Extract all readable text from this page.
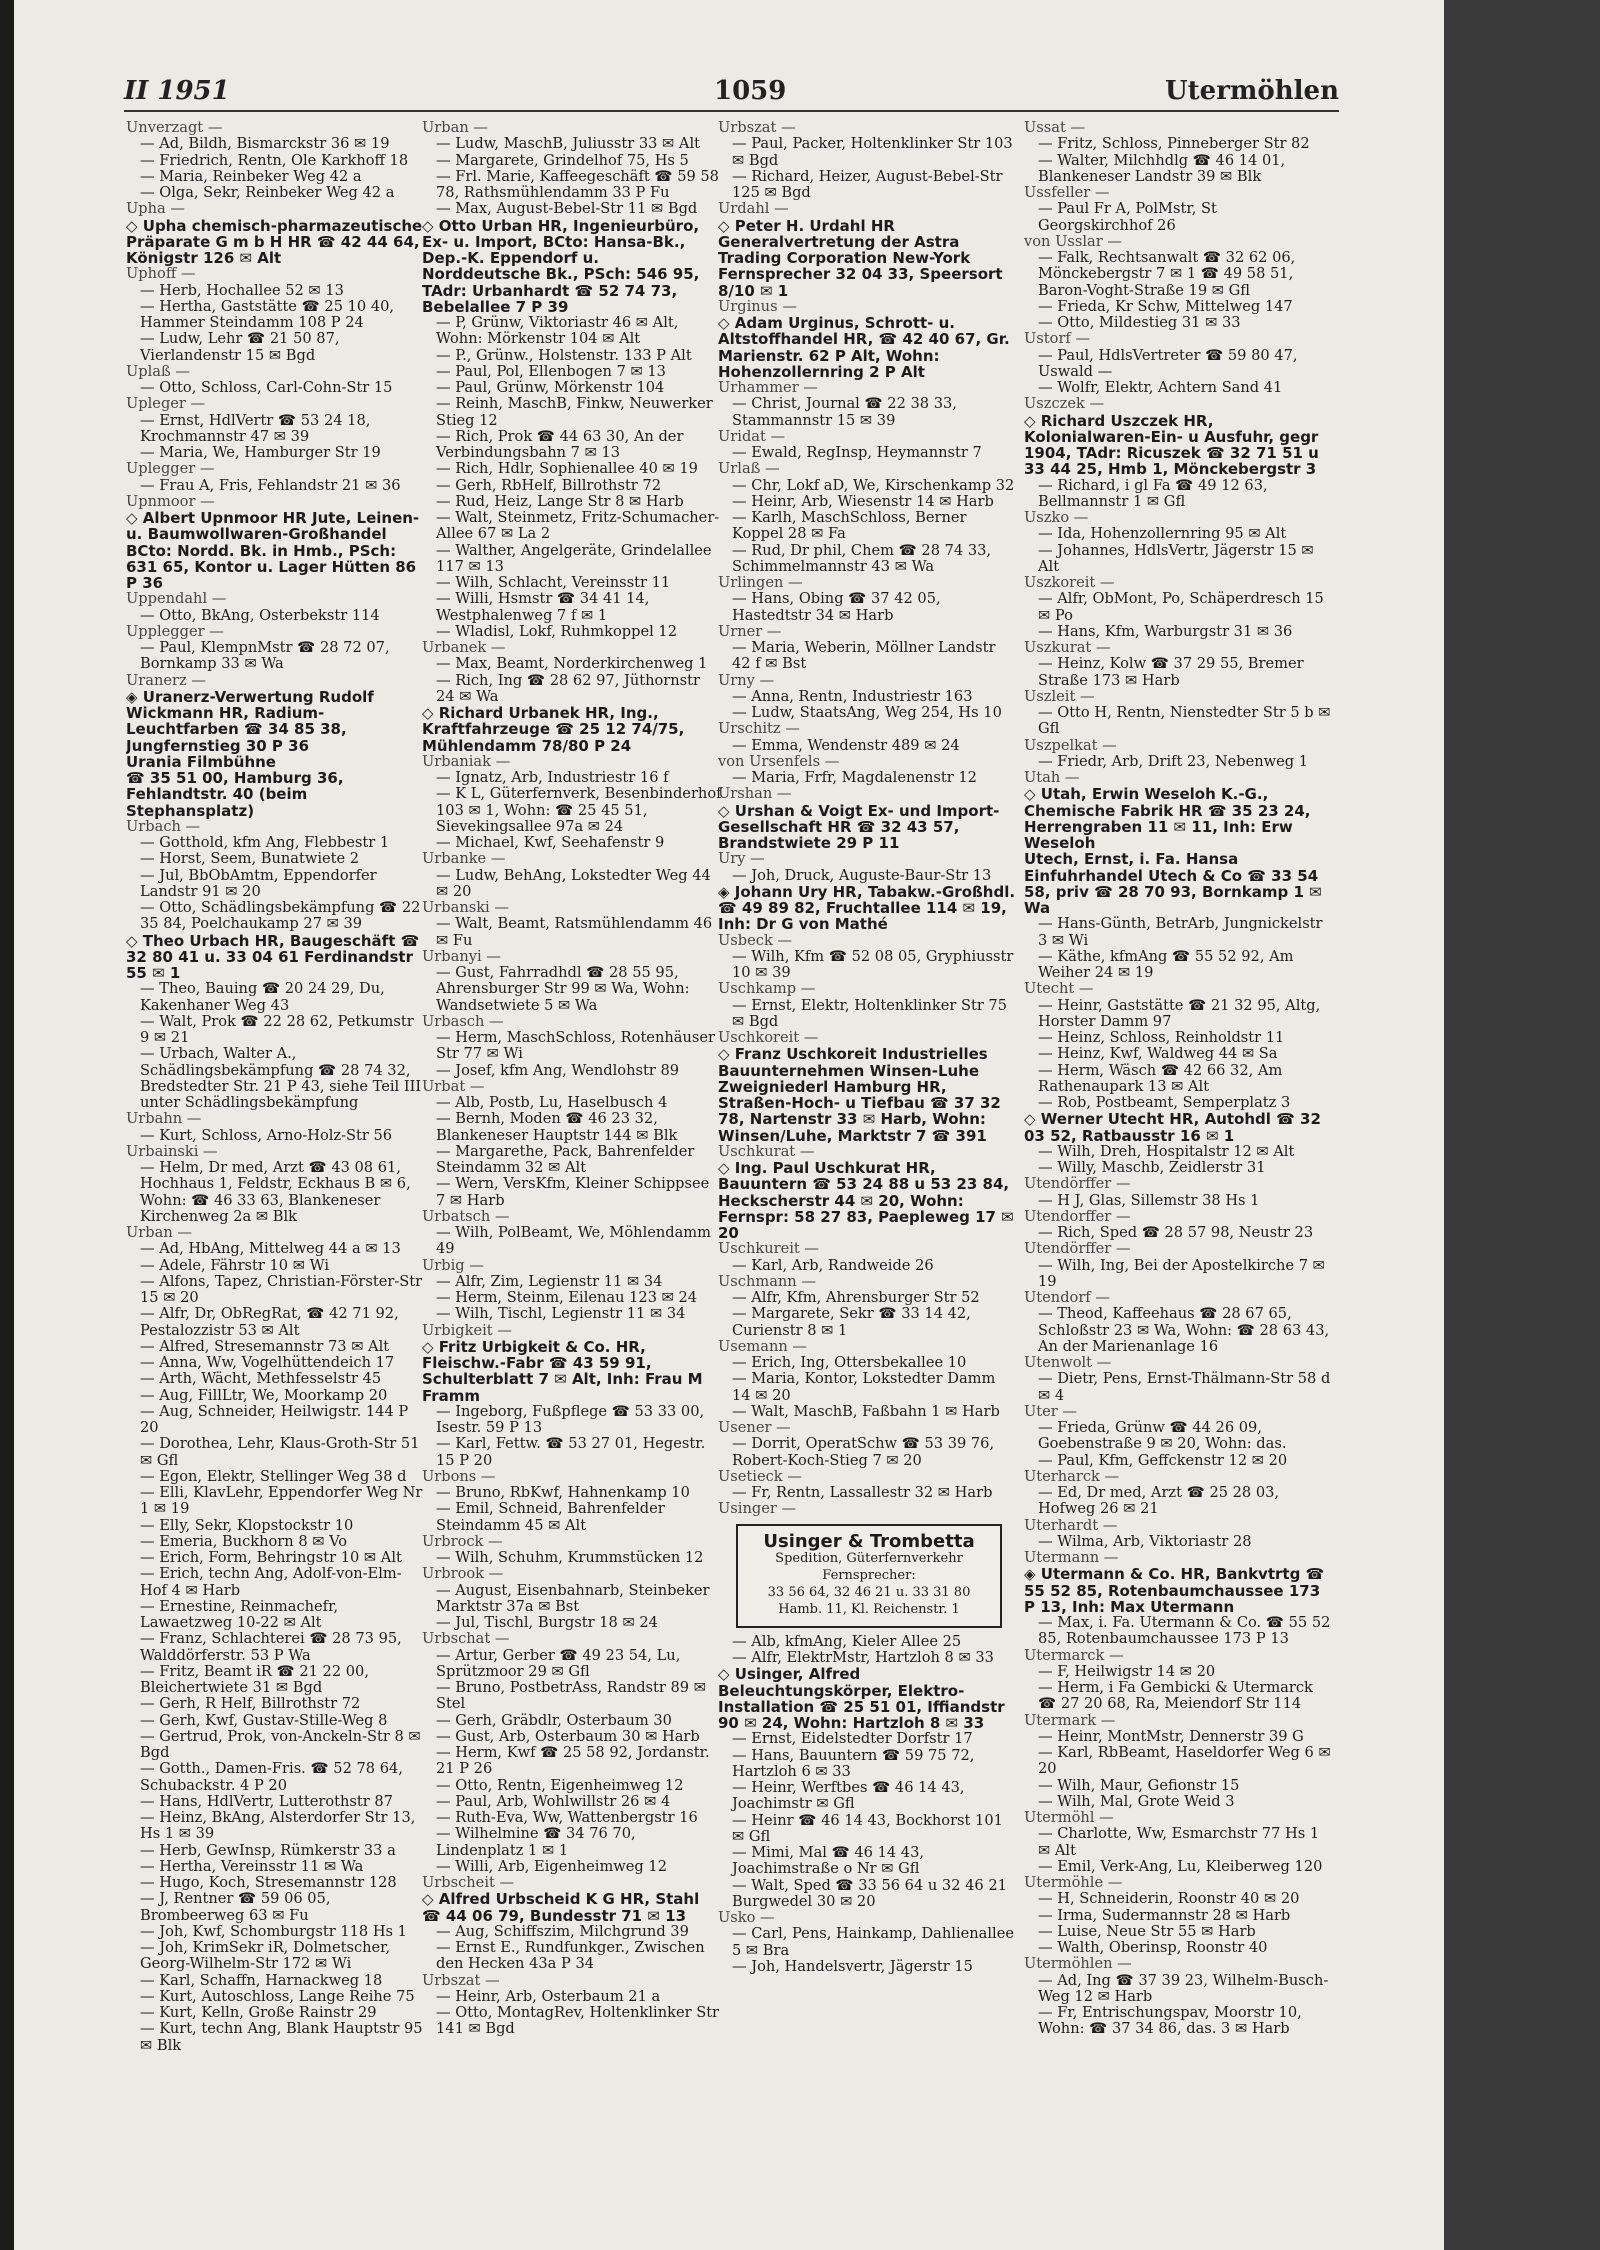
II 1951	1059	Utermöhlen

Unverzagt —

— Ad, Bildh, Bismarckstr 36 ✉ 19

— Friedrich, Rentn, Ole Karkhoff 18

— Maria, Reinbeker Weg 42 a

— Olga, Sekr, Reinbeker Weg 42 a

Upha —

◇ Upha chemisch-pharmazeutische Präparate G m b H HR ☎ 42 44 64, Königstr 126 ✉ Alt

Uphoff —

— Herb, Hochallee 52 ✉ 13

— Hertha, Gaststätte ☎ 25 10 40, Hammer Steindamm 108 P 24

— Ludw, Lehr ☎ 21 50 87, Vierlandenstr 15 ✉ Bgd

Uplaß —

— Otto, Schloss, Carl-Cohn-Str 15

Upleger —

— Ernst, HdlVertr ☎ 53 24 18, Krochmannstr 47 ✉ 39

— Maria, We, Hamburger Str 19

Uplegger —

— Frau A, Fris, Fehlandstr 21 ✉ 36

Upnmoor —

◇ Albert Upnmoor HR Jute, Leinen- u. Baumwollwaren-Großhandel BCto: Nordd. Bk. in Hmb., PSch: 631 65, Kontor u. Lager Hütten 86 P 36

Uppendahl —

— Otto, BkAng, Osterbekstr 114

Upplegger —

— Paul, KlempnMstr ☎ 28 72 07, Bornkamp 33 ✉ Wa

Uranerz —

◈ Uranerz-Verwertung Rudolf Wickmann HR, Radium-Leuchtfarben ☎ 34 85 38, Jungfernstieg 30 P 36

Urania Filmbühne

☎ 35 51 00, Hamburg 36, Fehlandtstr. 40 (beim Stephansplatz)

Urbach —

— Gotthold, kfm Ang, Flebbestr 1

— Horst, Seem, Bunatwiete 2

— Jul, BbObAmtm, Eppendorfer Landstr 91 ✉ 20

— Otto, Schädlingsbekämpfung ☎ 22 35 84, Poelchaukamp 27 ✉ 39

◇ Theo Urbach HR, Baugeschäft ☎ 32 80 41 u. 33 04 61 Ferdinandstr 55 ✉ 1

— Theo, Bauing ☎ 20 24 29, Du, Kakenhaner Weg 43

— Walt, Prok ☎ 22 28 62, Petkumstr 9 ✉ 21

— Urbach, Walter A., Schädlingsbekämpfung ☎ 28 74 32, Bredstedter Str. 21 P 43, siehe Teil III unter Schädlingsbekämpfung

Urbahn —

— Kurt, Schloss, Arno-Holz-Str 56

Urbainski —

— Helm, Dr med, Arzt ☎ 43 08 61, Hochhaus 1, Feldstr, Eckhaus B ✉ 6, Wohn: ☎ 46 33 63, Blankeneser Kirchenweg 2a ✉ Blk

Urban —

— Ad, HbAng, Mittelweg 44 a ✉ 13

— Adele, Fährstr 10 ✉ Wi

— Alfons, Tapez, Christian-Förster-Str 15 ✉ 20

— Alfr, Dr, ObRegRat, ☎ 42 71 92, Pestalozzistr 53 ✉ Alt

— Alfred, Stresemannstr 73 ✉ Alt

— Anna, Ww, Vogelhüttendeich 17

— Arth, Wächt, Methfesselstr 45

— Aug, FillLtr, We, Moorkamp 20

— Aug, Schneider, Heilwigstr. 144 P 20

— Dorothea, Lehr, Klaus-Groth-Str 51 ✉ Gfl

— Egon, Elektr, Stellinger Weg 38 d

— Elli, KlavLehr, Eppendorfer Weg Nr 1 ✉ 19

— Elly, Sekr, Klopstockstr 10

— Emeria, Buckhorn 8 ✉ Vo

— Erich, Form, Behringstr 10 ✉ Alt

— Erich, techn Ang, Adolf-von-Elm-Hof 4 ✉ Harb

— Ernestine, Reinmachefr, Lawaetzweg 10-22 ✉ Alt

— Franz, Schlachterei ☎ 28 73 95, Walddörferstr. 53 P Wa

— Fritz, Beamt iR ☎ 21 22 00, Bleichertwiete 31 ✉ Bgd

— Gerh, R Helf, Billrothstr 72

— Gerh, Kwf, Gustav-Stille-Weg 8

— Gertrud, Prok, von-Anckeln-Str 8 ✉ Bgd

— Gotth., Damen-Fris. ☎ 52 78 64, Schubackstr. 4 P 20

— Hans, HdlVertr, Lutterothstr 87

— Heinz, BkAng, Alsterdorfer Str 13, Hs 1 ✉ 39

— Herb, GewInsp, Rümkerstr 33 a

— Hertha, Vereinsstr 11 ✉ Wa

— Hugo, Koch, Stresemannstr 128

— J, Rentner ☎ 59 06 05, Brombeerweg 63 ✉ Fu

— Joh, Kwf, Schomburgstr 118 Hs 1

— Joh, KrimSekr iR, Dolmetscher, Georg-Wilhelm-Str 172 ✉ Wi

— Karl, Schaffn, Harnackweg 18

— Kurt, Autoschloss, Lange Reihe 75

— Kurt, Kelln, Große Rainstr 29

— Kurt, techn Ang, Blank Hauptstr 95 ✉ Blk

Urban —

— Ludw, MaschB, Juliusstr 33 ✉ Alt

— Margarete, Grindelhof 75, Hs 5

— Frl. Marie, Kaffeegeschäft ☎ 59 58 78, Rathsmühlendamm 33 P Fu

— Max, August-Bebel-Str 11 ✉ Bgd

◇ Otto Urban HR, Ingenieurbüro, Ex- u. Import, BCto: Hansa-Bk., Dep.-K. Eppendorf u. Norddeutsche Bk., PSch: 546 95, TAdr: Urbanhardt ☎ 52 74 73, Bebelallee 7 P 39

— P, Grünw, Viktoriastr 46 ✉ Alt, Wohn: Mörkenstr 104 ✉ Alt

— P., Grünw., Holstenstr. 133 P Alt

— Paul, Pol, Ellenbogen 7 ✉ 13

— Paul, Grünw, Mörkenstr 104

— Reinh, MaschB, Finkw, Neuwerker Stieg 12

— Rich, Prok ☎ 44 63 30, An der Verbindungsbahn 7 ✉ 13

— Rich, Hdlr, Sophienallee 40 ✉ 19

— Gerh, RbHelf, Billrothstr 72

— Rud, Heiz, Lange Str 8 ✉ Harb

— Walt, Steinmetz, Fritz-Schumacher-Allee 67 ✉ La 2

— Walther, Angelgeräte, Grindelallee 117 ✉ 13

— Wilh, Schlacht, Vereinsstr 11

— Willi, Hsmstr ☎ 34 41 14, Westphalenweg 7 f ✉ 1

— Wladisl, Lokf, Ruhmkoppel 12

Urbanek —

— Max, Beamt, Norderkirchenweg 1

— Rich, Ing ☎ 28 62 97, Jüthornstr 24 ✉ Wa

◇ Richard Urbanek HR, Ing., Kraftfahrzeuge ☎ 25 12 74/75, Mühlendamm 78/80 P 24

Urbaniak —

— Ignatz, Arb, Industriestr 16 f

— K L, Güterfernverk, Besenbinderhof 103 ✉ 1, Wohn: ☎ 25 45 51, Sievekingsallee 97a ✉ 24

— Michael, Kwf, Seehafenstr 9

Urbanke —

— Ludw, BehAng, Lokstedter Weg 44 ✉ 20

Urbanski —

— Walt, Beamt, Ratsmühlendamm 46 ✉ Fu

Urbanyi —

— Gust, Fahrradhdl ☎ 28 55 95, Ahrensburger Str 99 ✉ Wa, Wohn: Wandsetwiete 5 ✉ Wa

Urbasch —

— Herm, MaschSchloss, Rotenhäuser Str 77 ✉ Wi

— Josef, kfm Ang, Wendlohstr 89

Urbat —

— Alb, Postb, Lu, Haselbusch 4

— Bernh, Moden ☎ 46 23 32, Blankeneser Hauptstr 144 ✉ Blk

— Margarethe, Pack, Bahrenfelder Steindamm 32 ✉ Alt

— Wern, VersKfm, Kleiner Schippsee 7 ✉ Harb

Urbatsch —

— Wilh, PolBeamt, We, Möhlendamm 49

Urbig —

— Alfr, Zim, Legienstr 11 ✉ 34

— Herm, Steinm, Eilenau 123 ✉ 24

— Wilh, Tischl, Legienstr 11 ✉ 34

Urbigkeit —

◇ Fritz Urbigkeit & Co. HR, Fleischw.-Fabr ☎ 43 59 91, Schulterblatt 7 ✉ Alt, Inh: Frau M Framm

— Ingeborg, Fußpflege ☎ 53 33 00, Isestr. 59 P 13

— Karl, Fettw. ☎ 53 27 01, Hegestr. 15 P 20

Urbons —

— Bruno, RbKwf, Hahnenkamp 10

— Emil, Schneid, Bahrenfelder Steindamm 45 ✉ Alt

Urbrock —

— Wilh, Schuhm, Krummstücken 12

Urbrook —

— August, Eisenbahnarb, Steinbeker Marktstr 37a ✉ Bst

— Jul, Tischl, Burgstr 18 ✉ 24

Urbschat —

— Artur, Gerber ☎ 49 23 54, Lu, Sprützmoor 29 ✉ Gfl

— Bruno, PostbetrAss, Randstr 89 ✉ Stel

— Gerh, Gräbdlr, Osterbaum 30

— Gust, Arb, Osterbaum 30 ✉ Harb

— Herm, Kwf ☎ 25 58 92, Jordanstr. 21 P 26

— Otto, Rentn, Eigenheimweg 12

— Paul, Arb, Wohlwillstr 26 ✉ 4

— Ruth-Eva, Ww, Wattenbergstr 16

— Wilhelmine ☎ 34 76 70, Lindenplatz 1 ✉ 1

— Willi, Arb, Eigenheimweg 12

Urbscheit —

◇ Alfred Urbscheid K G HR, Stahl ☎ 44 06 79, Bundesstr 71 ✉ 13

— Aug, Schiffszim, Milchgrund 39

— Ernst E., Rundfunkger., Zwischen den Hecken 43a P 34

Urbszat —

— Heinr, Arb, Osterbaum 21 a

— Otto, MontagRev, Holtenklinker Str 141 ✉ Bgd

Urbszat —

— Paul, Packer, Holtenklinker Str 103 ✉ Bgd

— Richard, Heizer, August-Bebel-Str 125 ✉ Bgd

Urdahl —

◇ Peter H. Urdahl HR Generalvertretung der Astra Trading Corporation New-York Fernsprecher 32 04 33, Speersort 8/10 ✉ 1

Urginus —

◇ Adam Urginus, Schrott- u. Altstoffhandel HR, ☎ 42 40 67, Gr. Marienstr. 62 P Alt, Wohn: Hohenzollernring 2 P Alt

Urhammer —

— Christ, Journal ☎ 22 38 33, Stammannstr 15 ✉ 39

Uridat —

— Ewald, RegInsp, Heymannstr 7

Urlaß —

— Chr, Lokf aD, We, Kirschenkamp 32

— Heinr, Arb, Wiesenstr 14 ✉ Harb

— Karlh, MaschSchloss, Berner Koppel 28 ✉ Fa

— Rud, Dr phil, Chem ☎ 28 74 33, Schimmelmannstr 43 ✉ Wa

Urlingen —

— Hans, Obing ☎ 37 42 05, Hastedtstr 34 ✉ Harb

Urner —

— Maria, Weberin, Möllner Landstr 42 f ✉ Bst

Urny —

— Anna, Rentn, Industriestr 163

— Ludw, StaatsAng, Weg 254, Hs 10

Urschitz —

— Emma, Wendenstr 489 ✉ 24

von Ursenfels —

— Maria, Frfr, Magdalenenstr 12

Urshan —

◇ Urshan & Voigt Ex- und Import-Gesellschaft HR ☎ 32 43 57, Brandstwiete 29 P 11

Ury —

— Joh, Druck, Auguste-Baur-Str 13

◈ Johann Ury HR, Tabakw.-Großhdl. ☎ 49 89 82, Fruchtallee 114 ✉ 19, Inh: Dr G von Mathé

Usbeck —

— Wilh, Kfm ☎ 52 08 05, Gryphiusstr 10 ✉ 39

Uschkamp —

— Ernst, Elektr, Holtenklinker Str 75 ✉ Bgd

Uschkoreit —

◇ Franz Uschkoreit Industrielles Bauunternehmen Winsen-Luhe Zweigniederl Hamburg HR, Straßen-Hoch- u Tiefbau ☎ 37 32 78, Nartenstr 33 ✉ Harb, Wohn: Winsen/Luhe, Marktstr 7 ☎ 391

Uschkurat —

◇ Ing. Paul Uschkurat HR, Bauuntern ☎ 53 24 88 u 53 23 84, Heckscherstr 44 ✉ 20, Wohn: Fernspr: 58 27 83, Paepleweg 17 ✉ 20

Uschkureit —

— Karl, Arb, Randweide 26

Uschmann —

— Alfr, Kfm, Ahrensburger Str 52

— Margarete, Sekr ☎ 33 14 42, Curienstr 8 ✉ 1

Usemann —

— Erich, Ing, Ottersbekallee 10

— Maria, Kontor, Lokstedter Damm 14 ✉ 20

— Walt, MaschB, Faßbahn 1 ✉ Harb

Usener —

— Dorrit, OperatSchw ☎ 53 39 76, Robert-Koch-Stieg 7 ✉ 20

Usetieck —

— Fr, Rentn, Lassallestr 32 ✉ Harb

Usinger —

Usinger & Trombetta
Spedition, Güterfernverkehr
Fernsprecher:
33 56 64, 32 46 21 u. 33 31 80
Hamb. 11, Kl. Reichenstr. 1

— Alb, kfmAng, Kieler Allee 25

— Alfr, ElektrMstr, Hartzloh 8 ✉ 33

◇ Usinger, Alfred Beleuchtungskörper, Elektro-Installation ☎ 25 51 01, Iffiandstr 90 ✉ 24, Wohn: Hartzloh 8 ✉ 33

— Ernst, Eidelstedter Dorfstr 17

— Hans, Bauuntern ☎ 59 75 72, Hartzloh 6 ✉ 33

— Heinr, Werftbes ☎ 46 14 43, Joachimstr ✉ Gfl

— Heinr ☎ 46 14 43, Bockhorst 101 ✉ Gfl

— Mimi, Mal ☎ 46 14 43, Joachimstraße o Nr ✉ Gfl

— Walt, Sped ☎ 33 56 64 u 32 46 21 Burgwedel 30 ✉ 20

Usko —

— Carl, Pens, Hainkamp, Dahlienallee 5 ✉ Bra

— Joh, Handelsvertr, Jägerstr 15

Ussat —

— Fritz, Schloss, Pinneberger Str 82

— Walter, Milchhdlg ☎ 46 14 01, Blankeneser Landstr 39 ✉ Blk

Ussfeller —

— Paul Fr A, PolMstr, St Georgskirchhof 26

von Usslar —

— Falk, Rechtsanwalt ☎ 32 62 06, Mönckebergstr 7 ✉ 1 ☎ 49 58 51, Baron-Voght-Straße 19 ✉ Gfl

— Frieda, Kr Schw, Mittelweg 147

— Otto, Mildestieg 31 ✉ 33

Ustorf —

— Paul, HdlsVertreter ☎ 59 80 47, Uswald —

— Wolfr, Elektr, Achtern Sand 41

Uszczek —

◇ Richard Uszczek HR, Kolonialwaren-Ein- u Ausfuhr, gegr 1904, TAdr: Ricuszek ☎ 32 71 51 u 33 44 25, Hmb 1, Mönckebergstr 3

— Richard, i gl Fa ☎ 49 12 63, Bellmannstr 1 ✉ Gfl

Uszko —

— Ida, Hohenzollernring 95 ✉ Alt

— Johannes, HdlsVertr, Jägerstr 15 ✉ Alt

Uszkoreit —

— Alfr, ObMont, Po, Schäperdresch 15 ✉ Po

— Hans, Kfm, Warburgstr 31 ✉ 36

Uszkurat —

— Heinz, Kolw ☎ 37 29 55, Bremer Straße 173 ✉ Harb

Uszleit —

— Otto H, Rentn, Nienstedter Str 5 b ✉ Gfl

Uszpelkat —

— Friedr, Arb, Drift 23, Nebenweg 1

Utah —

◇ Utah, Erwin Weseloh K.-G., Chemische Fabrik HR ☎ 35 23 24, Herrengraben 11 ✉ 11, Inh: Erw Weseloh

Utech, Ernst, i. Fa. Hansa Einfuhrhandel Utech & Co ☎ 33 54 58, priv ☎ 28 70 93, Bornkamp 1 ✉ Wa

— Hans-Günth, BetrArb, Jungnickelstr 3 ✉ Wi

— Käthe, kfmAng ☎ 55 52 92, Am Weiher 24 ✉ 19

Utecht —

— Heinr, Gaststätte ☎ 21 32 95, Altg, Horster Damm 97

— Heinz, Schloss, Reinholdstr 11

— Heinz, Kwf, Waldweg 44 ✉ Sa

— Herm, Wäsch ☎ 42 66 32, Am Rathenaupark 13 ✉ Alt

— Rob, Postbeamt, Semperplatz 3

◇ Werner Utecht HR, Autohdl ☎ 32 03 52, Ratbausstr 16 ✉ 1

— Wilh, Dreh, Hospitalstr 12 ✉ Alt

— Willy, Maschb, Zeidlerstr 31

Utendörffer —

— H J, Glas, Sillemstr 38 Hs 1

Utendorffer —

— Rich, Sped ☎ 28 57 98, Neustr 23

Utendörffer —

— Wilh, Ing, Bei der Apostelkirche 7 ✉ 19

Utendorf —

— Theod, Kaffeehaus ☎ 28 67 65, Schloßstr 23 ✉ Wa, Wohn: ☎ 28 63 43, An der Marienanlage 16

Utenwolt —

— Dietr, Pens, Ernst-Thälmann-Str 58 d ✉ 4

Uter —

— Frieda, Grünw ☎ 44 26 09, Goebenstraße 9 ✉ 20, Wohn: das.

— Paul, Kfm, Geffckenstr 12 ✉ 20

Uterharck —

— Ed, Dr med, Arzt ☎ 25 28 03, Hofweg 26 ✉ 21

Uterhardt —

— Wilma, Arb, Viktoriastr 28

Utermann —

◈ Utermann & Co. HR, Bankvtrtg ☎ 55 52 85, Rotenbaumchaussee 173 P 13, Inh: Max Utermann

— Max, i. Fa. Utermann & Co. ☎ 55 52 85, Rotenbaumchaussee 173 P 13

Utermarck —

— F, Heilwigstr 14 ✉ 20

— Herm, i Fa Gembicki & Utermarck ☎ 27 20 68, Ra, Meiendorf Str 114

Utermark —

— Heinr, MontMstr, Dennerstr 39 G

— Karl, RbBeamt, Haseldorfer Weg 6 ✉ 20

— Wilh, Maur, Gefionstr 15

— Wilh, Mal, Grote Weid 3

Utermöhl —

— Charlotte, Ww, Esmarchstr 77 Hs 1 ✉ Alt

— Emil, Verk-Ang, Lu, Kleiberweg 120

Utermöhle —

— H, Schneiderin, Roonstr 40 ✉ 20

— Irma, Sudermannstr 28 ✉ Harb

— Luise, Neue Str 55 ✉ Harb

— Walth, Oberinsp, Roonstr 40

Utermöhlen —

— Ad, Ing ☎ 37 39 23, Wilhelm-Busch-Weg 12 ✉ Harb

— Fr, Entrischungspav, Moorstr 10, Wohn: ☎ 37 34 86, das. 3 ✉ Harb
